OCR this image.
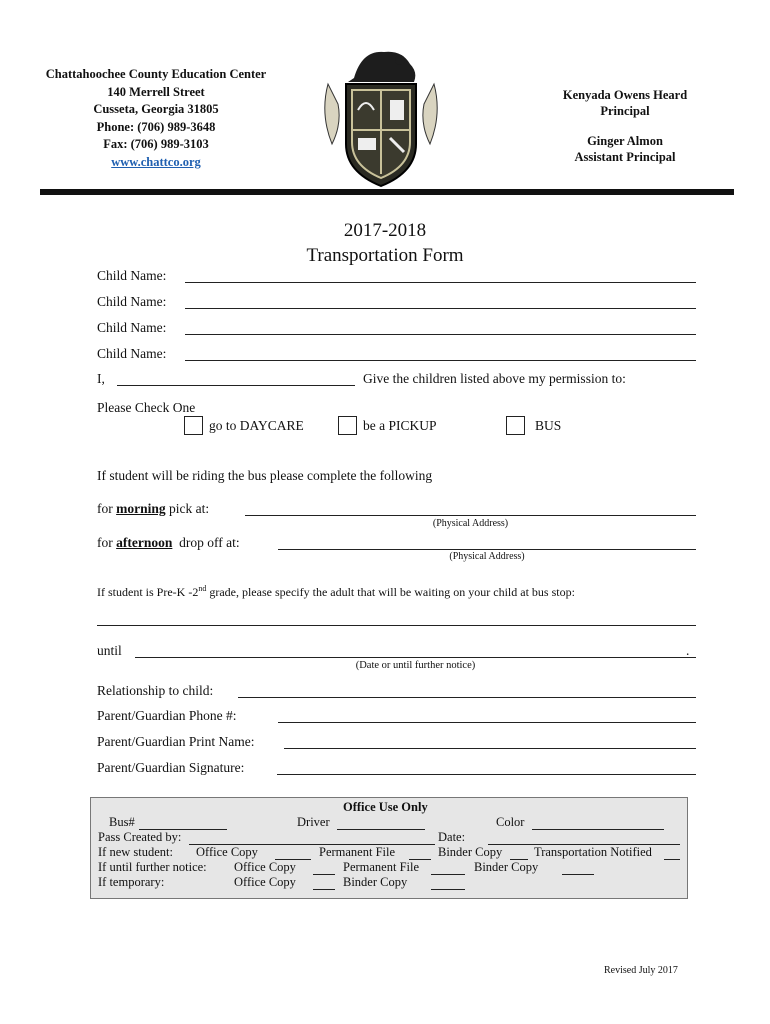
Chattahoochee County Education Center
140 Merrell Street
Cusseta, Georgia 31805
Phone: (706) 989-3648
Fax: (706) 989-3103
www.chattco.org
Kenyada Owens Heard
Principal
Ginger Almon
Assistant Principal
2017-2018
Transportation Form
Child Name:
Child Name:
Child Name:
Child Name:
I,	Give the children listed above my permission to:
Please Check One
go to DAYCARE	be a PICKUP	BUS
If student will be riding the bus please complete the following
for morning pick at:
(Physical Address)
for afternoon  drop off at:
(Physical Address)
If student is Pre-K -2nd grade, please specify the adult that will be waiting on your child at bus stop:
until	.
(Date or until further notice)
Relationship to child:
Parent/Guardian Phone #:
Parent/Guardian Print Name:
Parent/Guardian Signature:
Office Use Only
Bus#	Driver	Color
Pass Created by:	Date:
If new student: Office Copy	Permanent File	Binder Copy	Transportation Notified
If until further notice: Office Copy	Permanent File	Binder Copy
If temporary:	Office Copy	Binder Copy
Revised July 2017
